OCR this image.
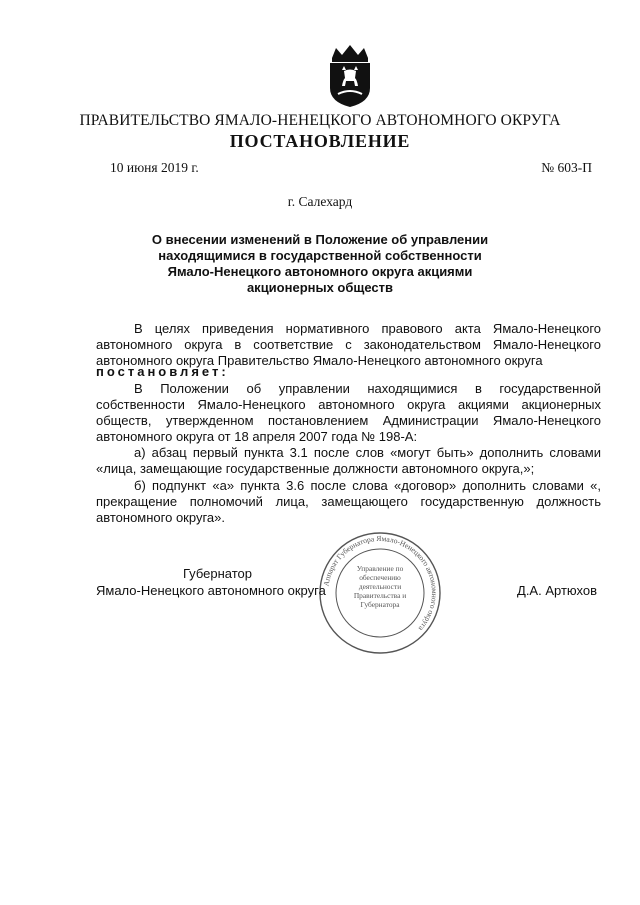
ПРАВИТЕЛЬСТВО ЯМАЛО-НЕНЕЦКОГО АВТОНОМНОГО ОКРУГА
ПОСТАНОВЛЕНИЕ
10 июня 2019 г.	№ 603-П
г. Салехард
О внесении изменений в Положение об управлении находящимися в государственной собственности Ямало-Ненецкого автономного округа акциями акционерных обществ

В целях приведения нормативного правового акта Ямало-Ненецкого автономного округа в соответствие с законодательством Ямало-Ненецкого автономного округа Правительство Ямало-Ненецкого автономного округа

постановляет:

В Положении об управлении находящимися в государственной собственности Ямало-Ненецкого автономного округа акциями акционерных обществ, утвержденном постановлением Администрации Ямало-Ненецкого автономного округа от 18 апреля 2007 года № 198-А:

а) абзац первый пункта 3.1 после слов «могут быть» дополнить словами «лица, замещающие государственные должности автономного округа,»;

б) подпункт «а» пункта 3.6 после слова «договор» дополнить словами «, прекращение полномочий лица, замещающего государственную должность автономного округа».

Аппарат Губернатора Ямало-Ненецкого автономного округа
Управление по обеспечению деятельности Правительства и Губернатора
Губернатор
Ямало-Ненецкого автономного округа	Д.А. Артюхов
